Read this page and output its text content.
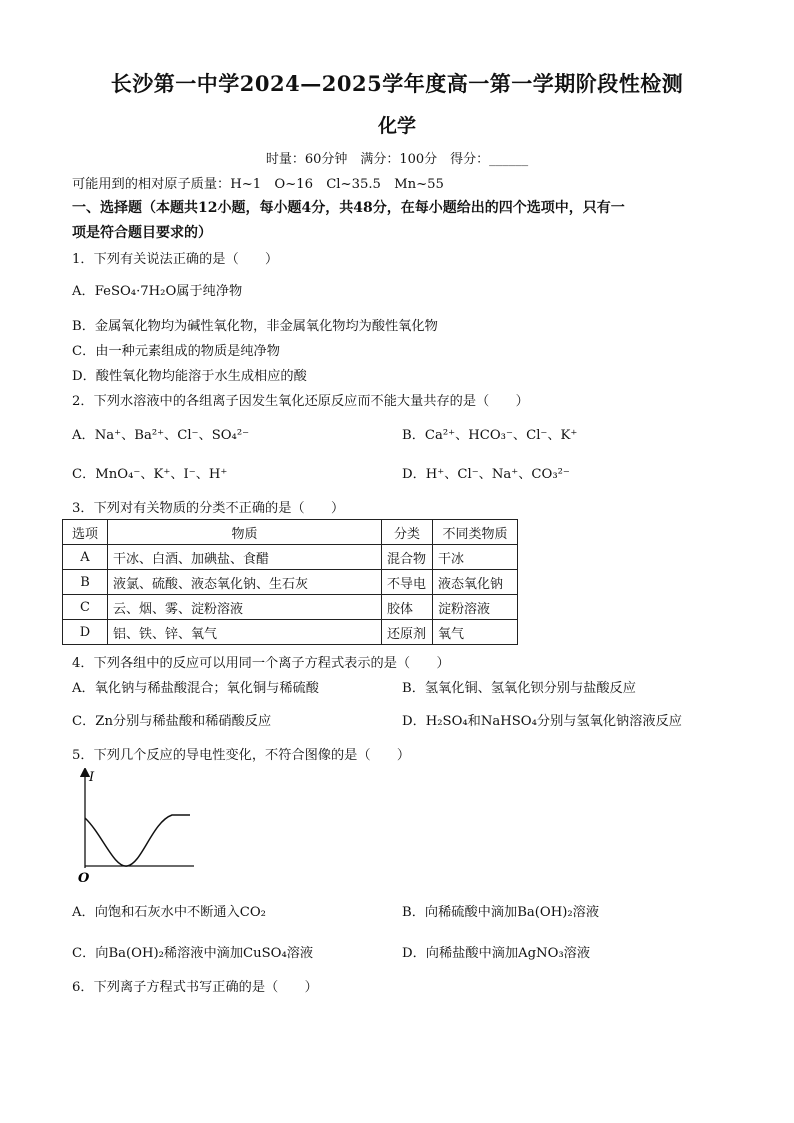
长沙第一中学2024—2025学年度高一第一学期阶段性检测
化学
时量：60分钟　满分：100分　得分：______
可能用到的相对原子质量：H~1　O~16　Cl~35.5　Mn~55
一、选择题（本题共12小题，每小题4分，共48分，在每小题给出的四个选项中，只有一
项是符合题目要求的）
1．下列有关说法正确的是（　　）
A．FeSO₄·7H₂O属于纯净物
B．金属氧化物均为碱性氧化物，非金属氧化物均为酸性氧化物
C．由一种元素组成的物质是纯净物
D．酸性氧化物均能溶于水生成相应的酸
2．下列水溶液中的各组离子因发生氧化还原反应而不能大量共存的是（　　）
A．Na⁺、Ba²⁺、Cl⁻、SO₄²⁻	B．Ca²⁺、HCO₃⁻、Cl⁻、K⁺
C．MnO₄⁻、K⁺、I⁻、H⁺	D．H⁺、Cl⁻、Na⁺、CO₃²⁻
3．下列对有关物质的分类不正确的是（　　）
选项	物质	分类	不同类物质
A	干冰、白酒、加碘盐、食醋	混合物	干冰
B	液氯、硫酸、液态氧化钠、生石灰	不导电	液态氧化钠
C	云、烟、雾、淀粉溶液	胶体	淀粉溶液
D	铝、铁、锌、氧气	还原剂	氧气
4．下列各组中的反应可以用同一个离子方程式表示的是（　　）
A．氧化钠与稀盐酸混合；氧化铜与稀硫酸	B．氢氧化铜、氢氧化钡分别与盐酸反应
C．Zn分别与稀盐酸和稀硝酸反应	D．H₂SO₄和NaHSO₄分别与氢氧化钠溶液反应
5．下列几个反应的导电性变化，不符合图像的是（　　）
I
O
A．向饱和石灰水中不断通入CO₂	B．向稀硫酸中滴加Ba(OH)₂溶液
C．向Ba(OH)₂稀溶液中滴加CuSO₄溶液	D．向稀盐酸中滴加AgNO₃溶液
6．下列离子方程式书写正确的是（　　）
